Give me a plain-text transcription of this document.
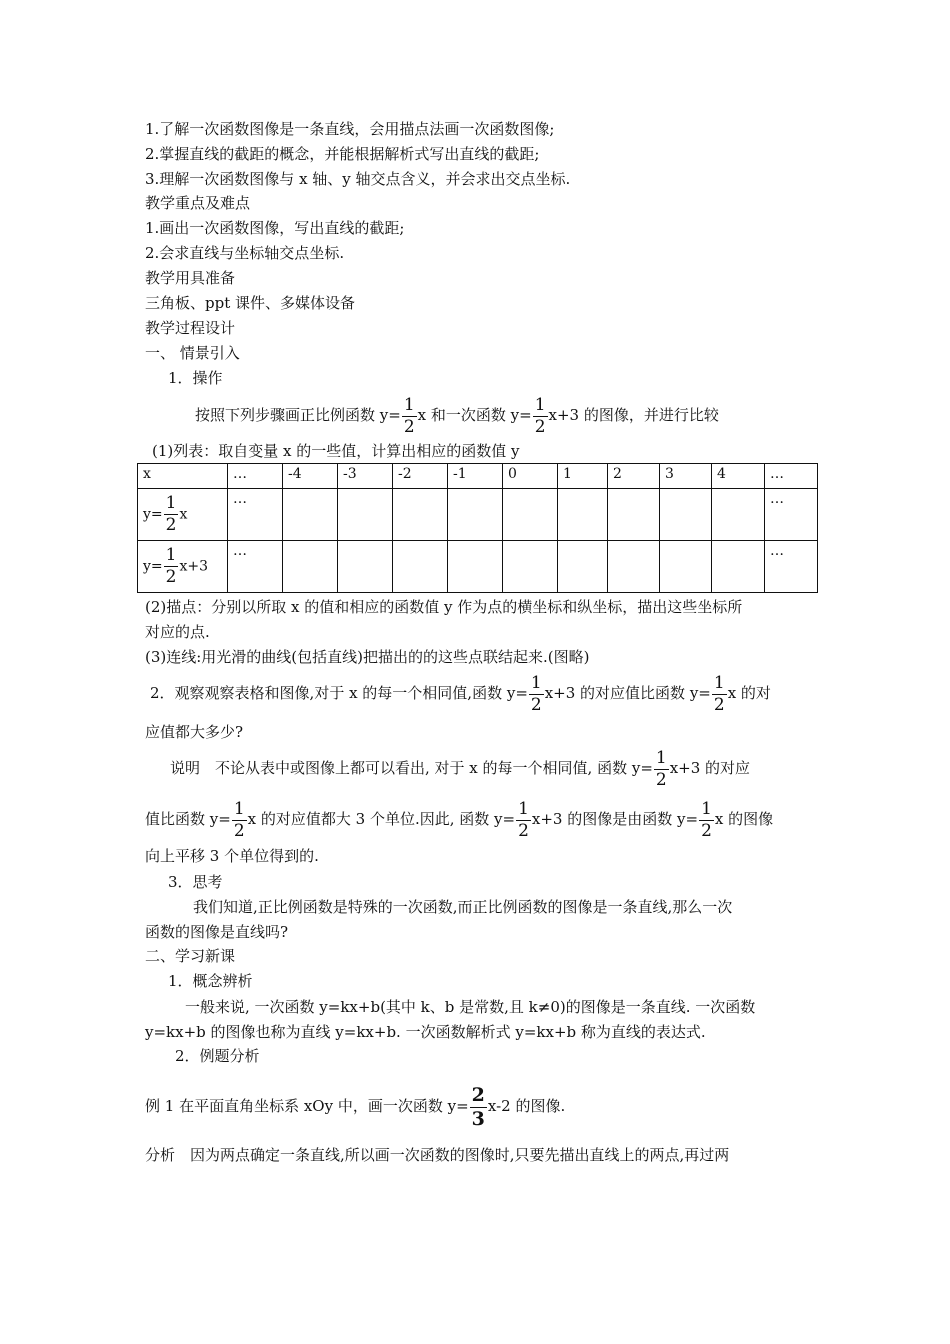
1.了解一次函数图像是一条直线，会用描点法画一次函数图像;
2.掌握直线的截距的概念，并能根据解析式写出直线的截距;
3.理解一次函数图像与 x 轴、y 轴交点含义，并会求出交点坐标.
教学重点及难点
1.画出一次函数图像，写出直线的截距;
2.会求直线与坐标轴交点坐标.
教学用具准备
三角板、ppt 课件、多媒体设备
教学过程设计
一、 情景引入
1．操作
按照下列步骤画正比例函数 $y= \frac{1}{2}$ x 和一次函数 $y= \frac{1}{2} x+3$ 的图像，并进行比较
(1)列表：取自变量 x 的一些值，计算出相应的函数值 y
x	…	-4	-3	-2	-1	0	1	2	3	4	…
$y= \frac{1}{2}$ x	…										…
$y= \frac{1}{2} x+3$	…										…
(2)描点：分别以所取 x 的值和相应的函数值 y 作为点的横坐标和纵坐标，描出这些坐标所
对应的点.
(3)连线:用光滑的曲线(包括直线)把描出的的这些点联结起来.(图略)
2．观察观察表格和图像,对于 x 的每一个相同值,函数 $y= \frac{1}{2} x+3$ 的对应值比函数 $y= \frac{1}{2}$ x 的对
应值都大多少?
说明　不论从表中或图像上都可以看出, 对于 x 的每一个相同值, 函数 $y= \frac{1}{2} x+3$ 的对应
值比函数 $y= \frac{1}{2}$ x 的对应值都大 3 个单位.因此, 函数 $y= \frac{1}{2} x+3$ 的图像是由函数 $y= \frac{1}{2}$ x 的图像
向上平移 3 个单位得到的.
3．思考
我们知道,正比例函数是特殊的一次函数,而正比例函数的图像是一条直线,那么一次
函数的图像是直线吗?
二、学习新课
1．概念辨析
一般来说, 一次函数 y=kx+b(其中 k、b 是常数,且 k≠0)的图像是一条直线. 一次函数
y=kx+b 的图像也称为直线 y=kx+b. 一次函数解析式 y=kx+b 称为直线的表达式.
2．例题分析
例 1 在平面直角坐标系 xOy 中，画一次函数 $y= \frac{2}{3} x-2$ 的图像.
分析　因为两点确定一条直线,所以画一次函数的图像时,只要先描出直线上的两点,再过两
